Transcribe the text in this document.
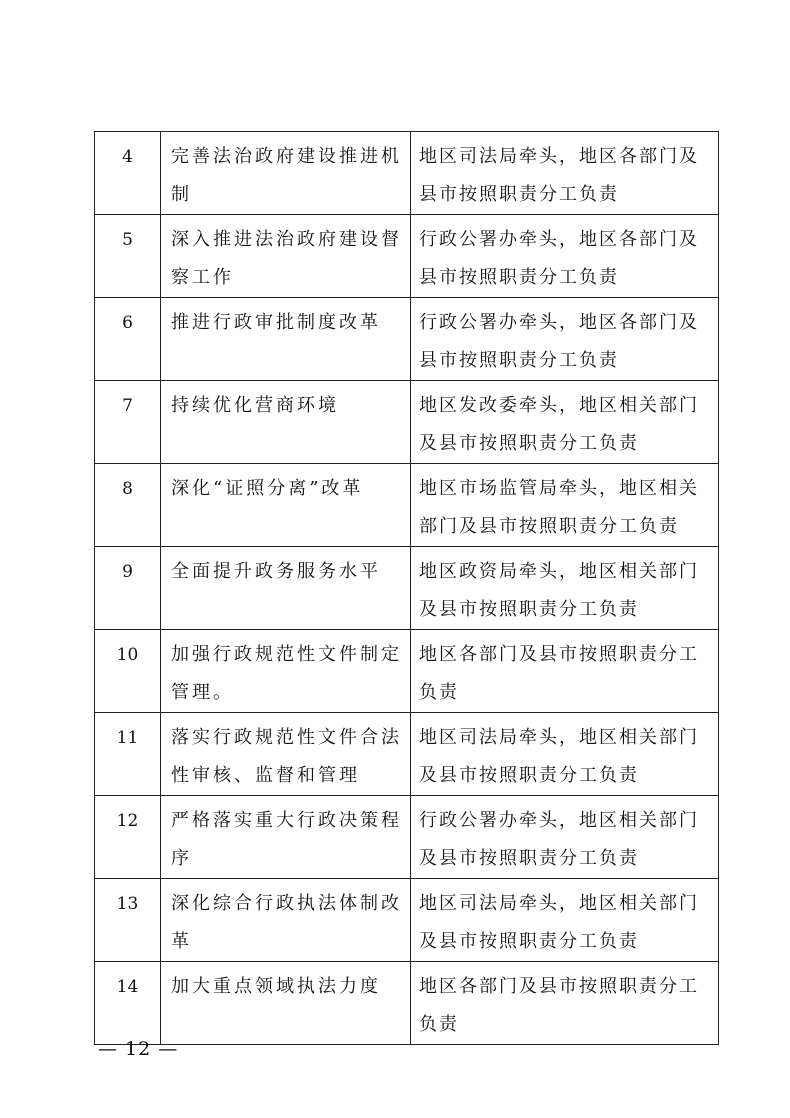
4	完善法治政府建设推进机制	地区司法局牵头，地区各部门及县市按照职责分工负责

5	深入推进法治政府建设督察工作	行政公署办牵头，地区各部门及县市按照职责分工负责

6	推进行政审批制度改革	行政公署办牵头，地区各部门及县市按照职责分工负责

7	持续优化营商环境	地区发改委牵头，地区相关部门及县市按照职责分工负责

8	深化“证照分离”改革	地区市场监管局牵头，地区相关部门及县市按照职责分工负责

9	全面提升政务服务水平	地区政资局牵头，地区相关部门及县市按照职责分工负责

10	加强行政规范性文件制定管理。	地区各部门及县市按照职责分工负责

11	落实行政规范性文件合法性审核、监督和管理	地区司法局牵头，地区相关部门及县市按照职责分工负责

12	严格落实重大行政决策程序	行政公署办牵头，地区相关部门及县市按照职责分工负责

13	深化综合行政执法体制改革	地区司法局牵头，地区相关部门及县市按照职责分工负责

14	加大重点领域执法力度	地区各部门及县市按照职责分工负责
— 12 —
